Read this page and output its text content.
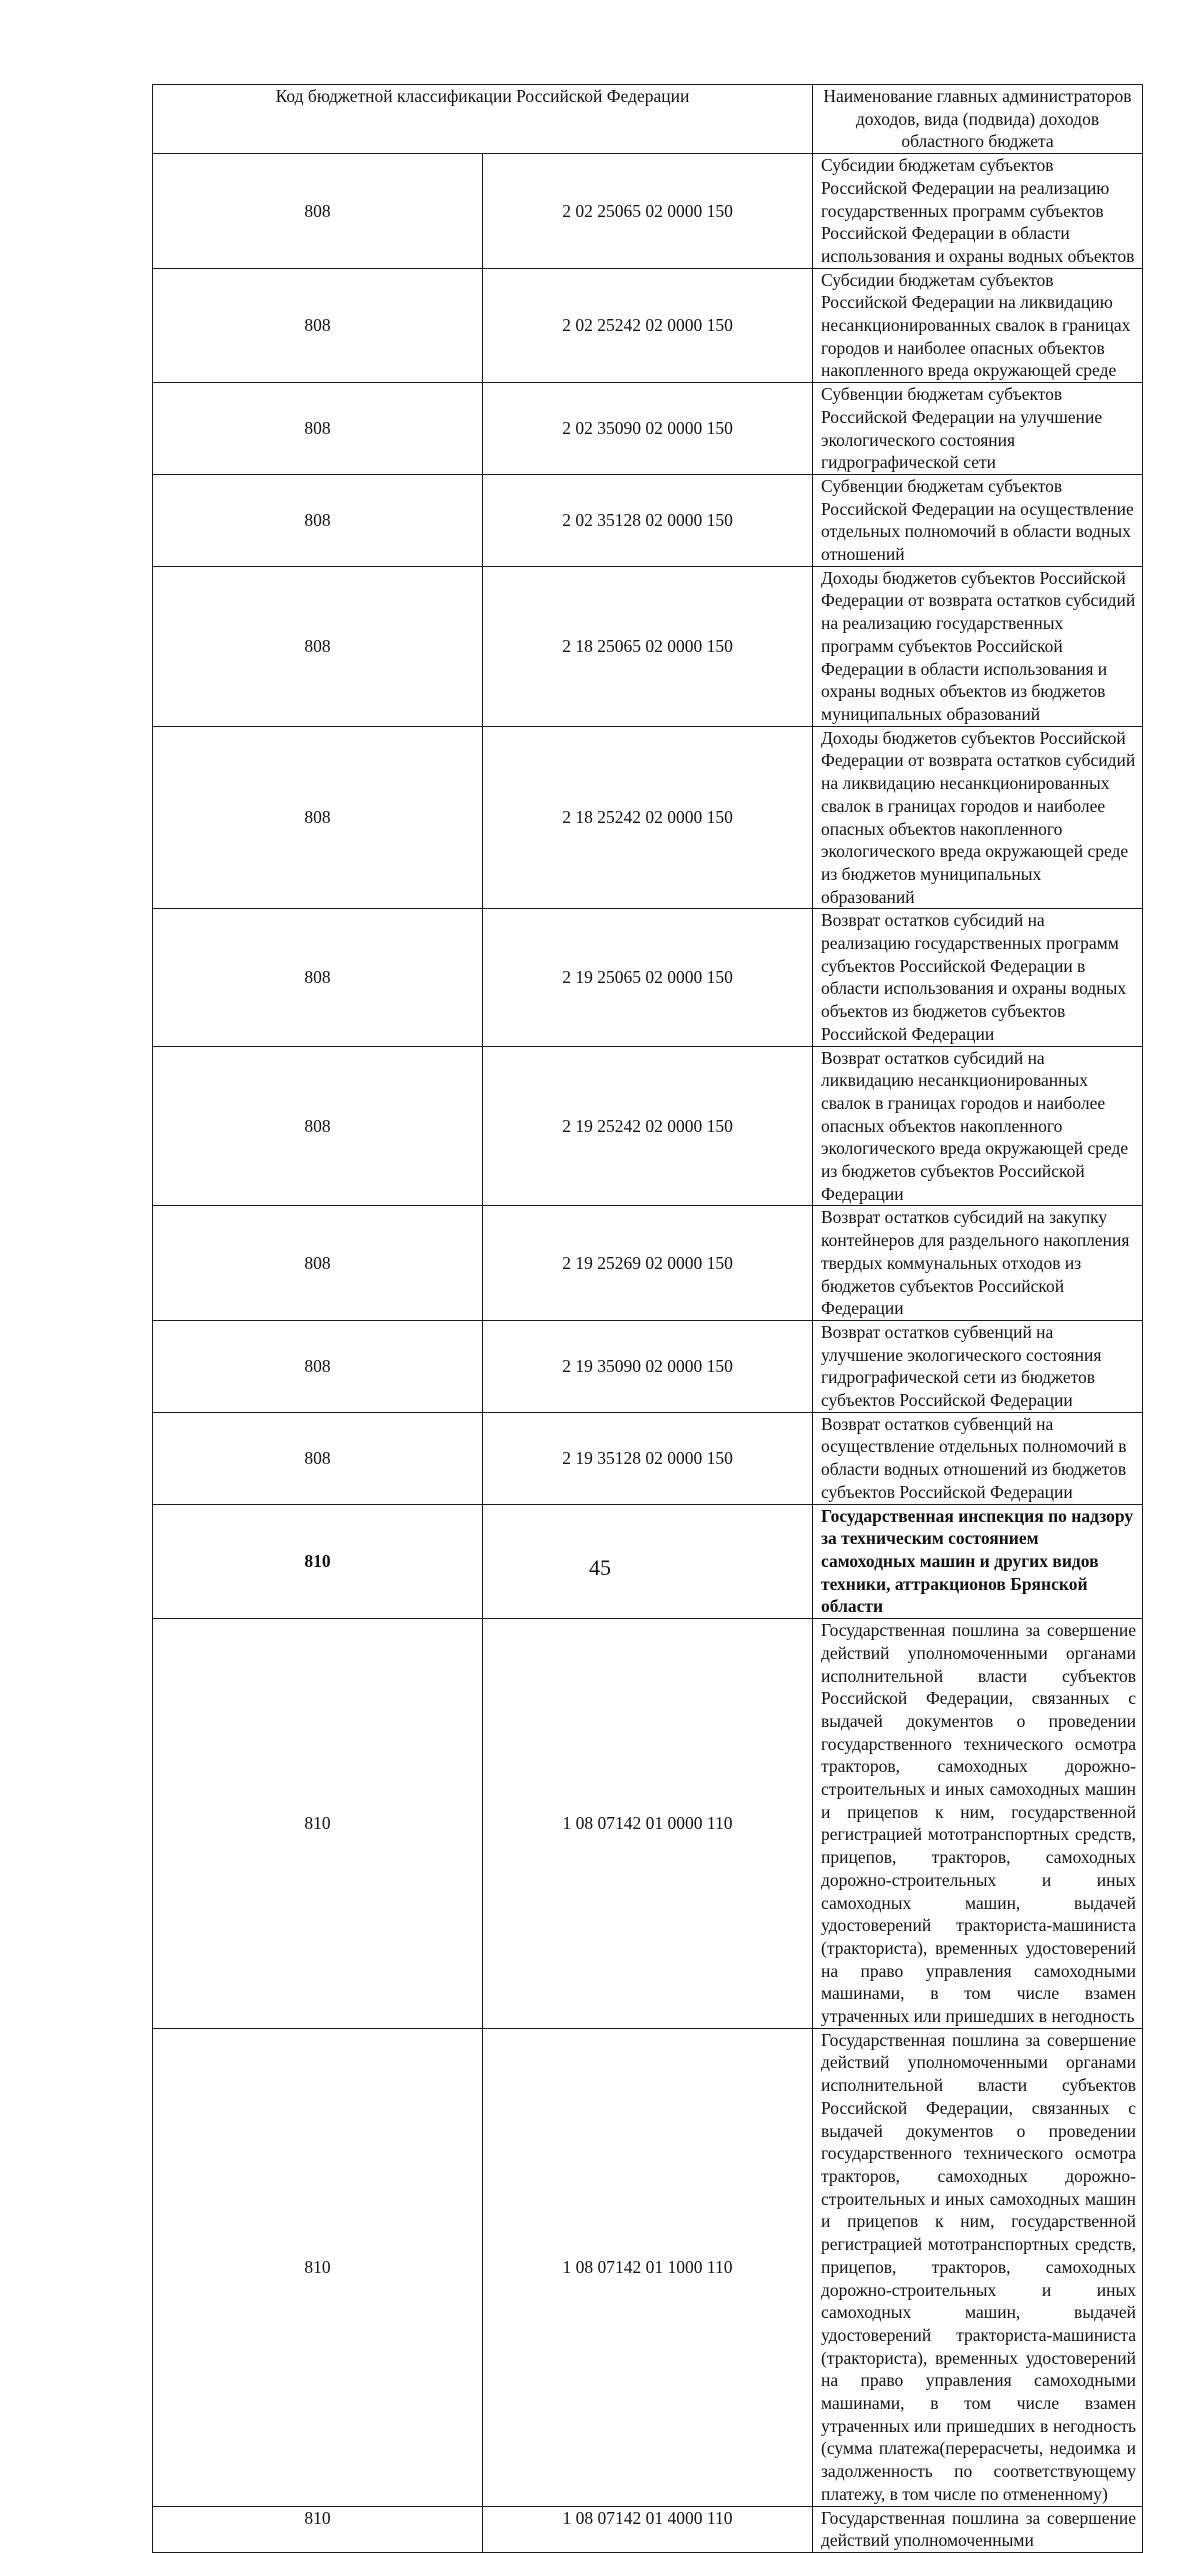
Код бюджетной классификации Российской Федерации		Наименование главных администраторов доходов, вида (подвида) доходов областного бюджета
808	2 02 25065 02 0000 150	Субсидии бюджетам субъектов Российской Федерации на реализацию государственных программ субъектов Российской Федерации в области использования и охраны водных объектов
808	2 02 25242 02 0000 150	Субсидии бюджетам субъектов Российской Федерации на ликвидацию несанкционированных свалок в границах городов и наиболее опасных объектов накопленного вреда окружающей среде
808	2 02 35090 02 0000 150	Субвенции бюджетам субъектов Российской Федерации на улучшение экологического состояния гидрографической сети
808	2 02 35128 02 0000 150	Субвенции бюджетам субъектов Российской Федерации на осуществление отдельных полномочий в области водных отношений
808	2 18 25065 02 0000 150	Доходы бюджетов субъектов Российской Федерации от возврата остатков субсидий на реализацию государственных программ субъектов Российской Федерации в области использования и охраны водных объектов из бюджетов муниципальных образований
808	2 18 25242 02 0000 150	Доходы бюджетов субъектов Российской Федерации от возврата остатков субсидий на ликвидацию несанкционированных свалок в границах городов и наиболее опасных объектов накопленного экологического вреда окружающей среде из бюджетов муниципальных образований
808	2 19 25065 02 0000 150	Возврат остатков субсидий на реализацию государственных программ субъектов Российской Федерации в области использования и охраны водных объектов из бюджетов субъектов Российской Федерации
808	2 19 25242 02 0000 150	Возврат остатков субсидий на ликвидацию несанкционированных свалок в границах городов и наиболее опасных объектов накопленного экологического вреда окружающей среде из бюджетов субъектов Российской Федерации
808	2 19 25269 02 0000 150	Возврат остатков субсидий на закупку контейнеров для раздельного накопления твердых коммунальных отходов из бюджетов субъектов Российской Федерации
808	2 19 35090 02 0000 150	Возврат остатков субвенций на улучшение экологического состояния гидрографической сети из бюджетов субъектов Российской Федерации
808	2 19 35128 02 0000 150	Возврат остатков субвенций на осуществление отдельных полномочий в области водных отношений из бюджетов субъектов Российской Федерации
810		Государственная инспекция по надзору за техническим состоянием самоходных машин и других видов техники, аттракционов Брянской области
810	1 08 07142 01 0000 110	Государственная пошлина за совершение действий уполномоченными органами исполнительной власти субъектов Российской Федерации, связанных с выдачей документов о проведении государственного технического осмотра тракторов, самоходных дорожно-строительных и иных самоходных машин и прицепов к ним, государственной регистрацией мототранспортных средств, прицепов, тракторов, самоходных дорожно-строительных и иных самоходных машин, выдачей удостоверений тракториста-машиниста (тракториста), временных удостоверений на право управления самоходными машинами, в том числе взамен утраченных или пришедших в негодность
810	1 08 07142 01 1000 110	Государственная пошлина за совершение действий уполномоченными органами исполнительной власти субъектов Российской Федерации, связанных с выдачей документов о проведении государственного технического осмотра тракторов, самоходных дорожно-строительных и иных самоходных машин и прицепов к ним, государственной регистрацией мототранспортных средств, прицепов, тракторов, самоходных дорожно-строительных и иных самоходных машин, выдачей удостоверений тракториста-машиниста (тракториста), временных удостоверений на право управления самоходными машинами, в том числе взамен утраченных или пришедших в негодность (сумма платежа(перерасчеты, недоимка и задолженность по соответствующему платежу, в том числе по отмененному)
810	1 08 07142 01 4000 110	Государственная пошлина за совершение действий уполномоченными
45
